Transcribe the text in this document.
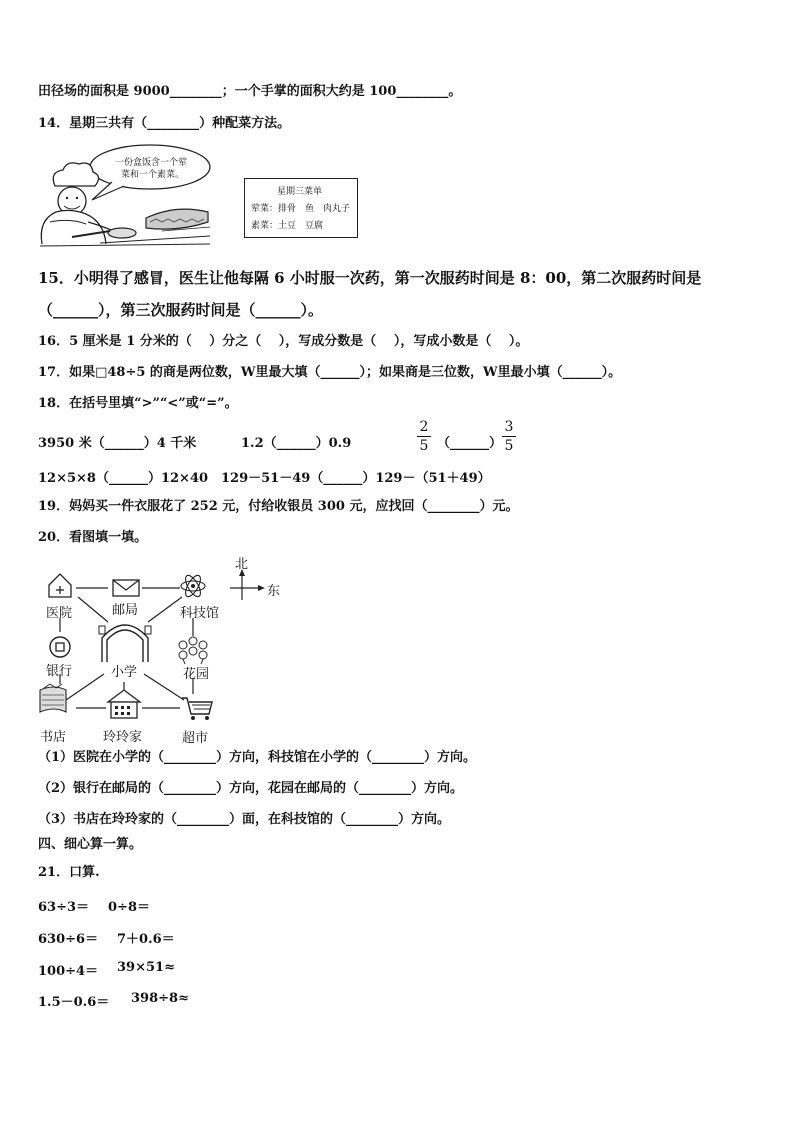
田径场的面积是 9000________；一个手掌的面积大约是 100________。
14．星期三共有（________）种配菜方法。
一份盒饭含一个荤
菜和一个素菜。
星期三菜单
荤菜：排骨　鱼　肉丸子
素菜：土豆　豆腐
15．小明得了感冒，医生让他每隔 6 小时服一次药，第一次服药时间是 8：00，第二次服药时间是
（______），第三次服药时间是（______）。
16．5 厘米是 1 分米的（　 ）分之（　 ），写成分数是（　 ），写成小数是（　 ）。
17．如果□48÷5 的商是两位数，W里最大填（______）；如果商是三位数，W里最小填（______）。
18．在括号里填“>”“<”或“=”。
3950 米（______）4 千米	1.2（______）0.9
2
5 （______）
3
5
12×5×8（______）12×40 129－51－49（______）129－（51＋49）
19．妈妈买一件衣服花了 252 元，付给收银员 300 元，应找回（________）元。
20．看图填一填。
北
东
医院	邮局	科技馆
银行	小学	花园
书店	玲玲家	超市
（1）医院在小学的（________）方向，科技馆在小学的（________）方向。
（2）银行在邮局的（________）方向，花园在邮局的（________）方向。
（3）书店在玲玲家的（________）面，在科技馆的（________）方向。
四、细心算一算。
21．口算.
63÷3＝ 0÷8＝
630÷6＝ 7＋0.6＝
100÷4＝ 39×51≈
1.5－0.6＝ 398÷8≈
